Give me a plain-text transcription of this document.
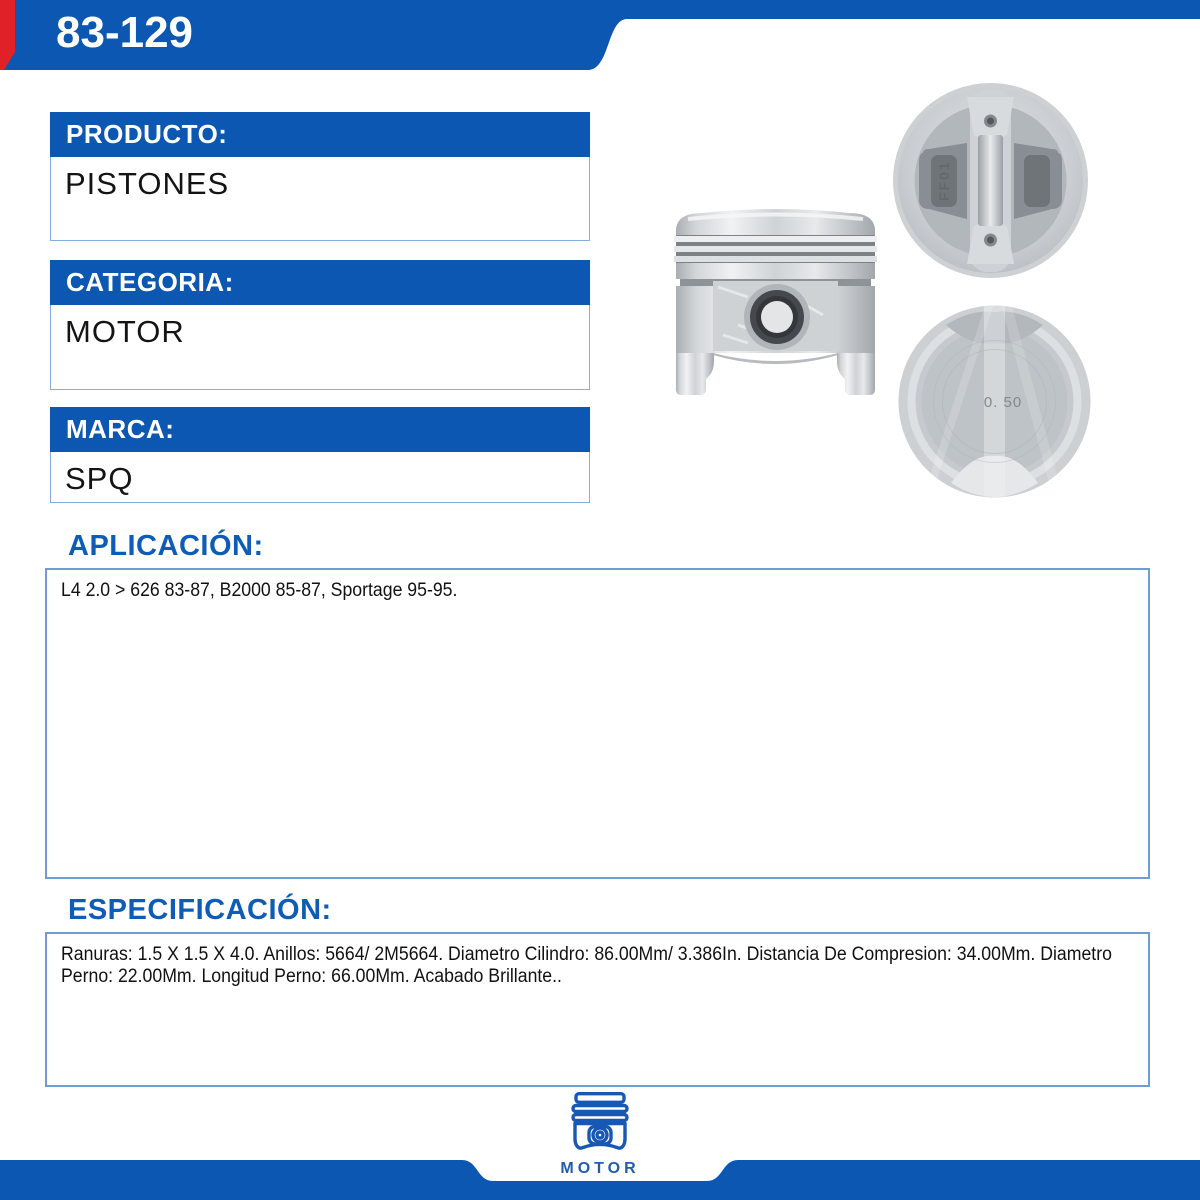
83-129
PRODUCTO:
PISTONES
CATEGORIA:
MOTOR
MARCA:
SPQ
FF01
0. 50
APLICACIÓN:

L4 2.0 > 626 83-87, B2000 85-87, Sportage 95-95.

ESPECIFICACIÓN:

Ranuras: 1.5 X 1.5 X 4.0. Anillos: 5664/ 2M5664. Diametro Cilindro: 86.00Mm/ 3.386In. Distancia De Compresion: 34.00Mm. Diametro Perno: 22.00Mm. Longitud Perno: 66.00Mm. Acabado Brillante..

MOTOR
